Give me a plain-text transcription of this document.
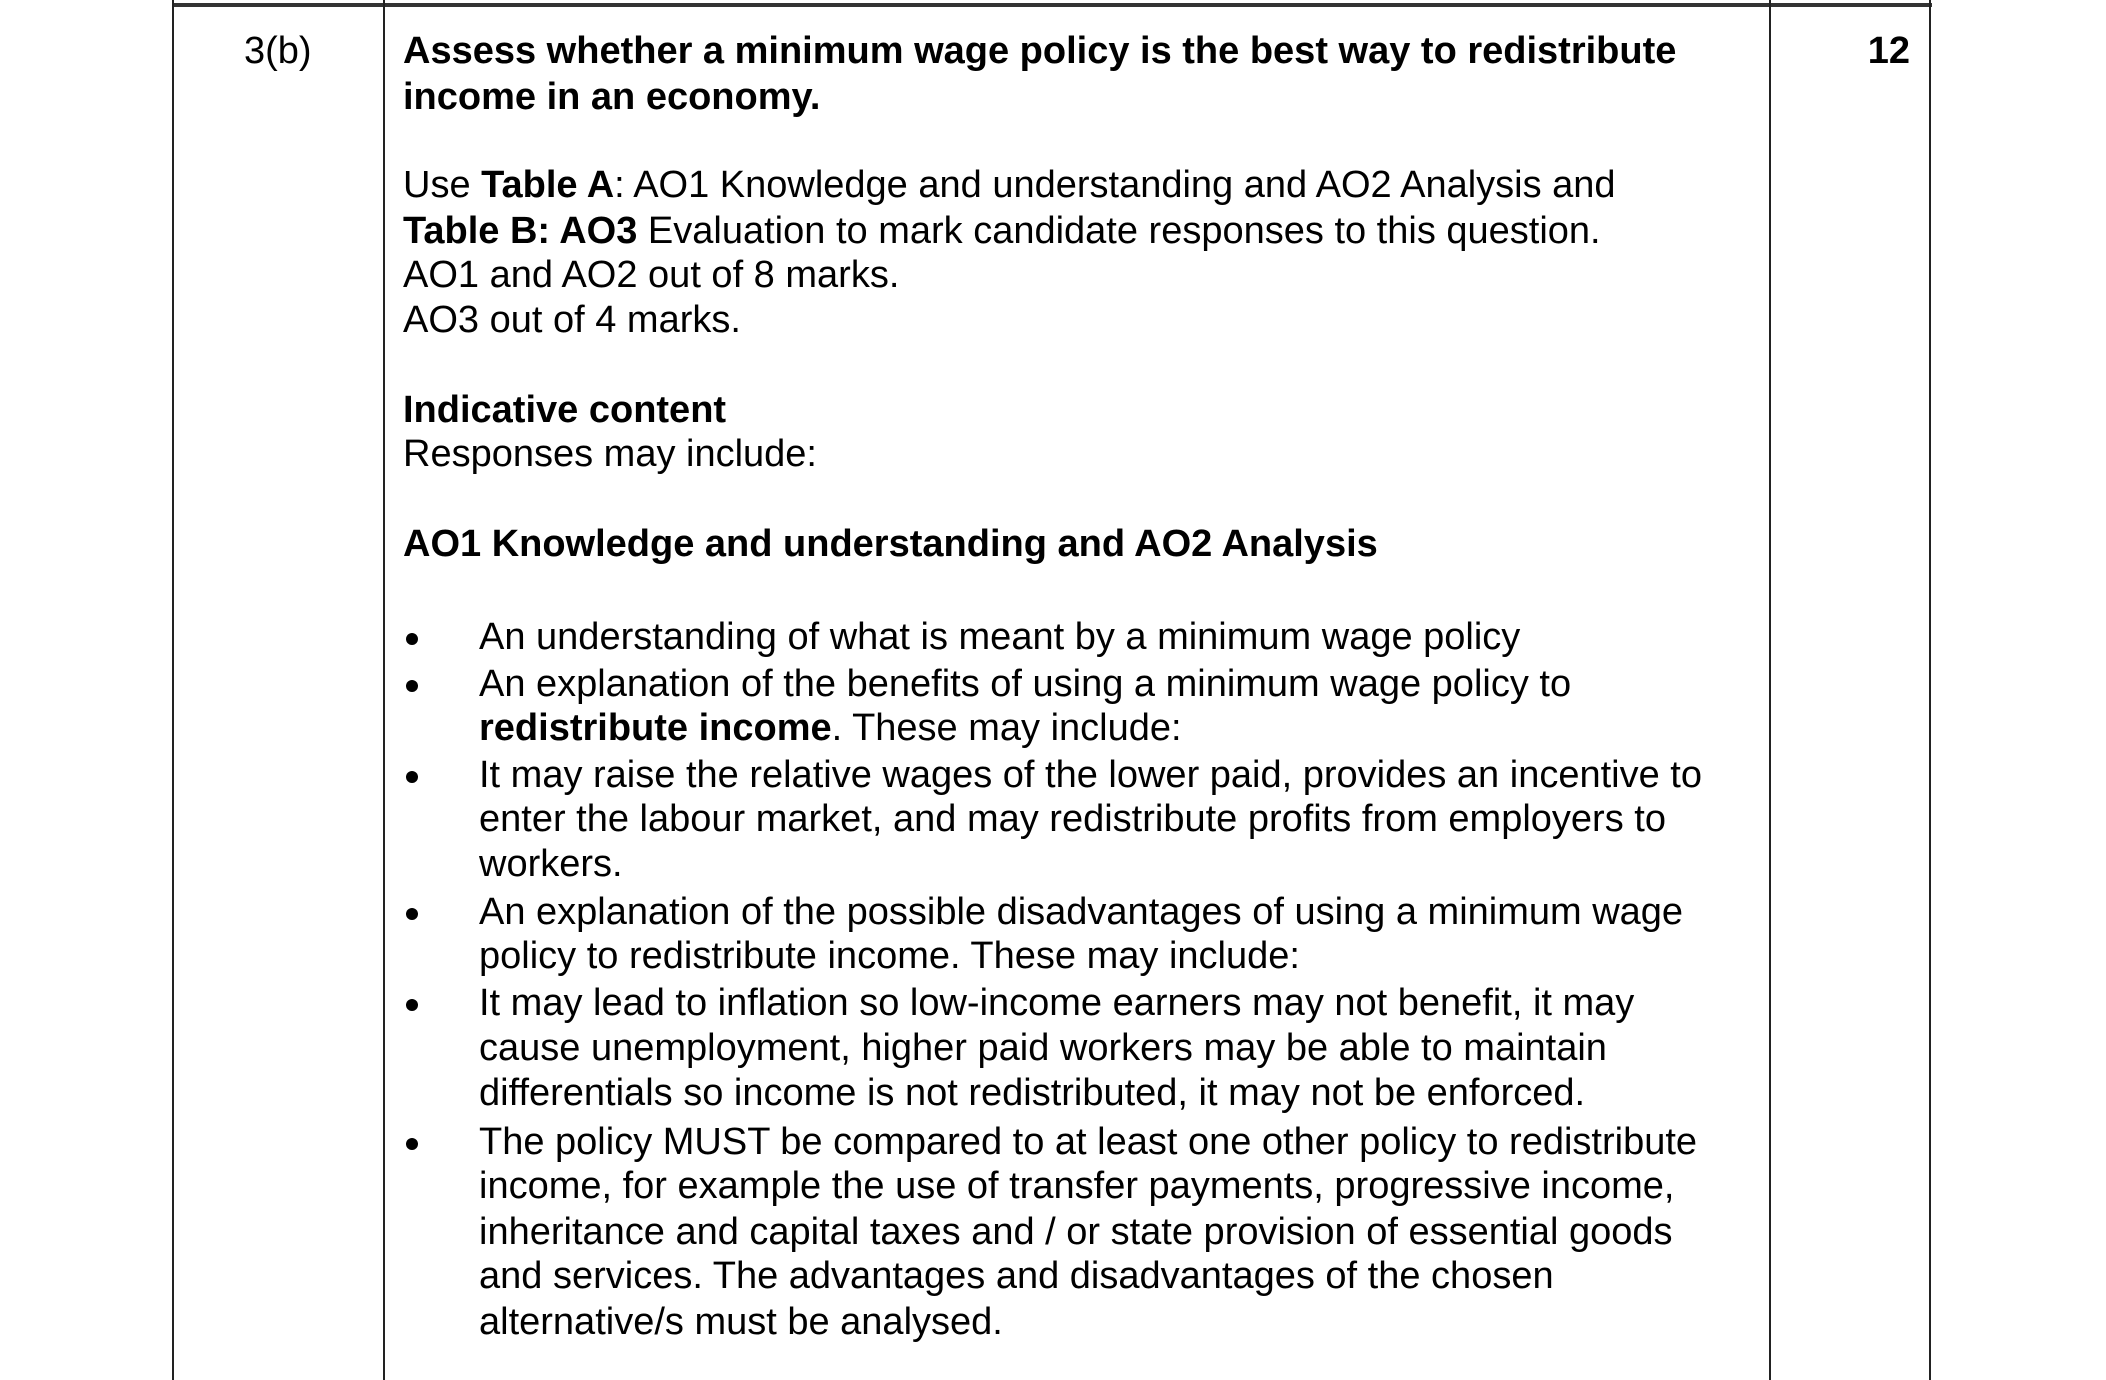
3(b)	12
Assess whether a minimum wage policy is the best way to redistribute
income in an economy.
Use Table A: AO1 Knowledge and understanding and AO2 Analysis and
Table B: AO3 Evaluation to mark candidate responses to this question.
AO1 and AO2 out of 8 marks.
AO3 out of 4 marks.
Indicative content
Responses may include:
AO1 Knowledge and understanding and AO2 Analysis
An understanding of what is meant by a minimum wage policy
An explanation of the benefits of using a minimum wage policy to
redistribute income. These may include:
It may raise the relative wages of the lower paid, provides an incentive to
enter the labour market, and may redistribute profits from employers to
workers.
An explanation of the possible disadvantages of using a minimum wage
policy to redistribute income. These may include:
It may lead to inflation so low-income earners may not benefit, it may
cause unemployment, higher paid workers may be able to maintain
differentials so income is not redistributed, it may not be enforced.
The policy MUST be compared to at least one other policy to redistribute
income, for example the use of transfer payments, progressive income,
inheritance and capital taxes and / or state provision of essential goods
and services. The advantages and disadvantages of the chosen
alternative/s must be analysed.
